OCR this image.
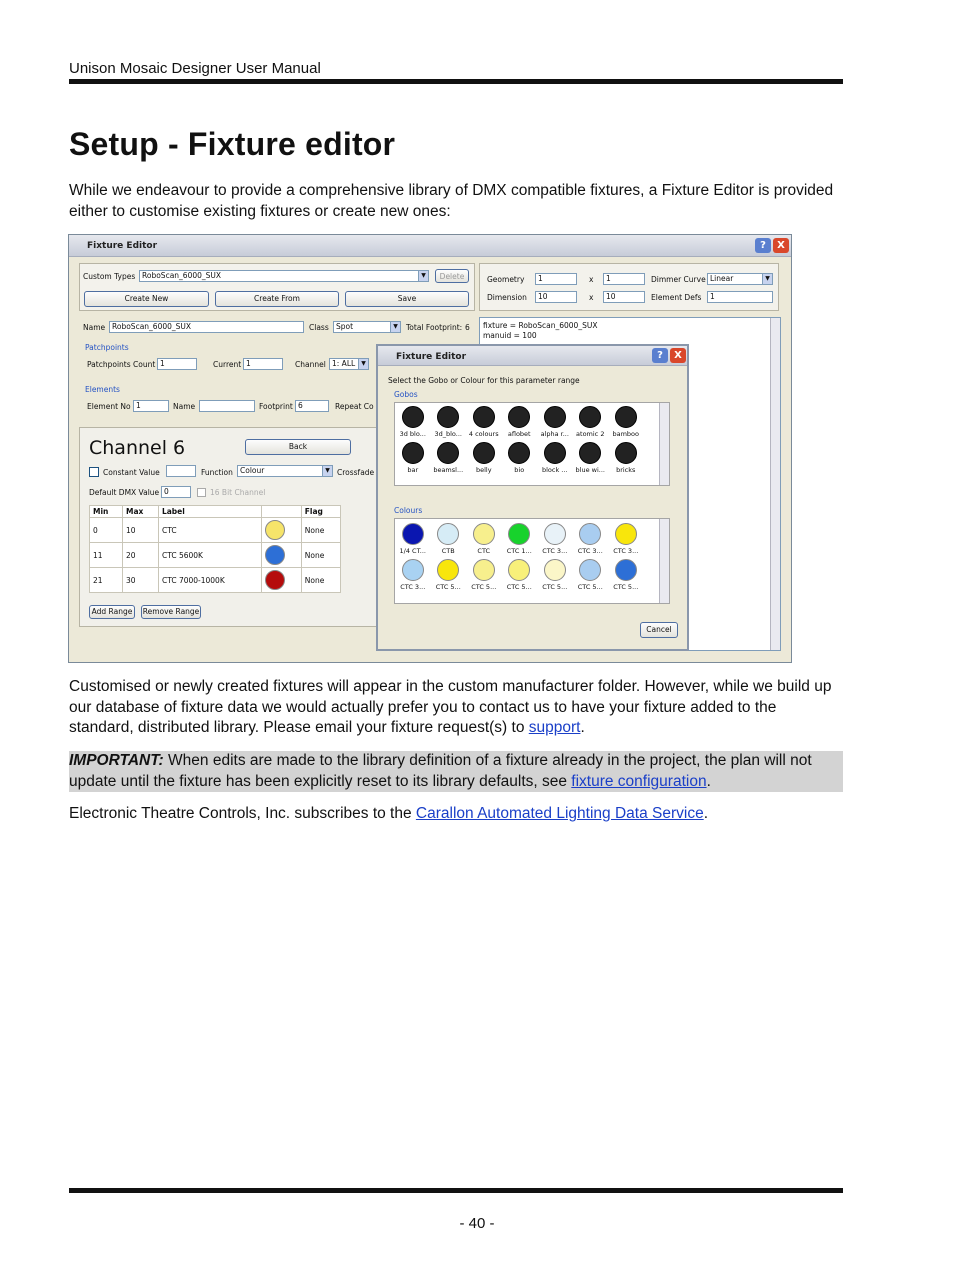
Unison Mosaic Designer User Manual
Setup - Fixture editor
While we endeavour to provide a comprehensive library of DMX compatible fixtures, a Fixture Editor is provided either to customise existing fixtures or create new ones:
Fixture Editor	?	X
Custom Types RoboScan_6000_SUX	▼	Delete
Create New	Create From	Save
Geometry	1	x	1
Dimension	10	x	10
Dimmer Curve Linear	▼
Element Defs	1
Name RoboScan_6000_SUX	Class Spot	▼ Total Footprint: 6 fixture = RoboScan_6000_SUX
manuid = 100
Patchpoints
Patchpoints Count 1	Current 1	Channel 1: ALL	▼
Elements
Element No 1	Name	Footprint 6	Repeat Co
Channel 6	Back
Constant Value	Function Colour	▼ Crossfade
Default DMX Value 0	16 Bit Channel
Min	Max	Label		Flag
0	10	CTC		None
11	20	CTC 5600K		None
21	30	CTC 7000-1000K		None
Add Range	Remove Range
Fixture Editor	?	X
Select the Gobo or Colour for this parameter range
Gobos
3d blo...	3d_blo...	4 colours	aflobet	alpha r...	atomic 2	bamboo
bar	beamsl...	belly	bio	block ...	blue wi...	bricks
Colours
1/4 CT...	CTB	CTC	CTC 1...	CTC 3...	CTC 3...	CTC 3...
CTC 3...	CTC 5...	CTC 5...	CTC 5...	CTC 5...	CTC 5...	CTC 5...
Cancel
Customised or newly created fixtures will appear in the custom manufacturer folder. However, while we build up our database of fixture data we would actually prefer you to contact us to have your fixture added to the standard, distributed library. Please email your fixture request(s) to support.
IMPORTANT: When edits are made to the library definition of a fixture already in the project, the plan will not update until the fixture has been explicitly reset to its library defaults, see fixture configuration.
Electronic Theatre Controls, Inc. subscribes to the Carallon Automated Lighting Data Service.
- 40 -
